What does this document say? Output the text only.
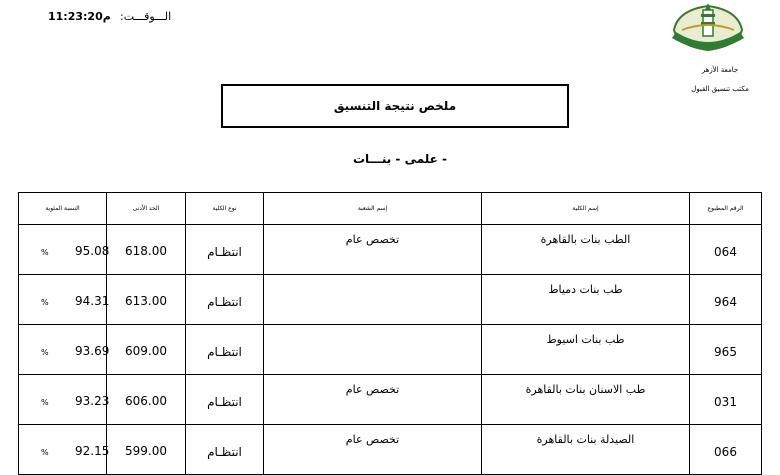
الـــوقـــت:
11:23:20م
جامعة الأزهر
مكتب تنسيق القبول
ملخص نتيجة التنسيق
- علمى - بنـــات
النسبة المئوية	الحد الأدنى	نوع الكلية	إسم الشعبة	إسم الكلية	الرقم المطبوع

% 95.08	618.00	انتظـام	تخصص عام	الطب بنات بالقاهرة	064

% 94.31	613.00	انتظـام		طب بنات دمياط	964

% 93.69	609.00	انتظـام		طب بنات اسيوط	965

% 93.23	606.00	انتظـام	تخصص عام	طب الاسنان بنات بالقاهرة	031

% 92.15	599.00	انتظـام	تخصص عام	الصيدلة بنات بالقاهرة	066
